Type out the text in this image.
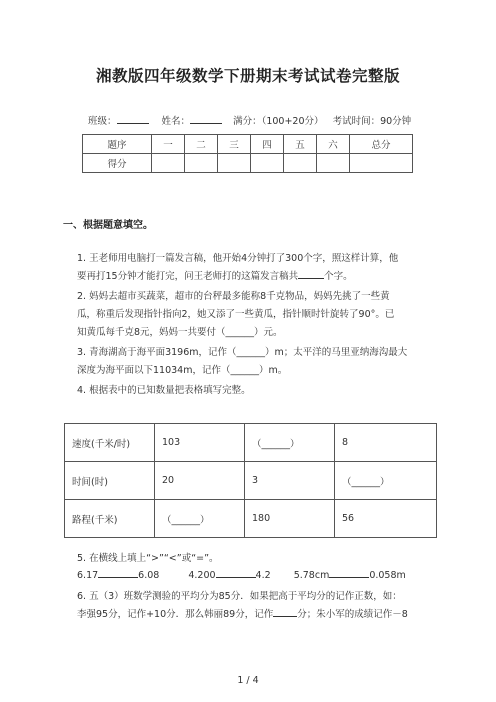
湘教版四年级数学下册期末考试试卷完整版
班级：	姓名：	满分：（100+20分） 考试时间：90分钟
题序	一	二	三	四	五	六	总分
得分							
一、根据题意填空。
1. 王老师用电脑打一篇发言稿，他开始4分钟打了300个字，照这样计算，他
要再打15分钟才能打完，问王老师打的这篇发言稿共	个字。
2. 妈妈去超市买蔬菜，超市的台秤最多能称8千克物品，妈妈先挑了一些黄
瓜，称重后发现指针指向2，她又添了一些黄瓜，指针顺时针旋转了90°。已
知黄瓜每千克8元，妈妈一共要付（______）元。
3. 青海湖高于海平面3196m，记作（______）m；太平洋的马里亚纳海沟最大
深度为海平面以下11034m，记作（______）m。
4. 根据表中的已知数量把表格填写完整。
速度(千米/时)	103	（______）	8
时间(时)	20	3	（______）
路程(千米)	（______）	180	56
5. 在横线上填上“>”“<”或“=”。
6.17	6.08	4.200	4.2 5.78cm	0.058m
6. 五（3）班数学测验的平均分为85分．如果把高于平均分的记作正数，如：
李强95分，记作+10分．那么韩丽89分，记作	分；朱小军的成绩记作－8
1 / 4
